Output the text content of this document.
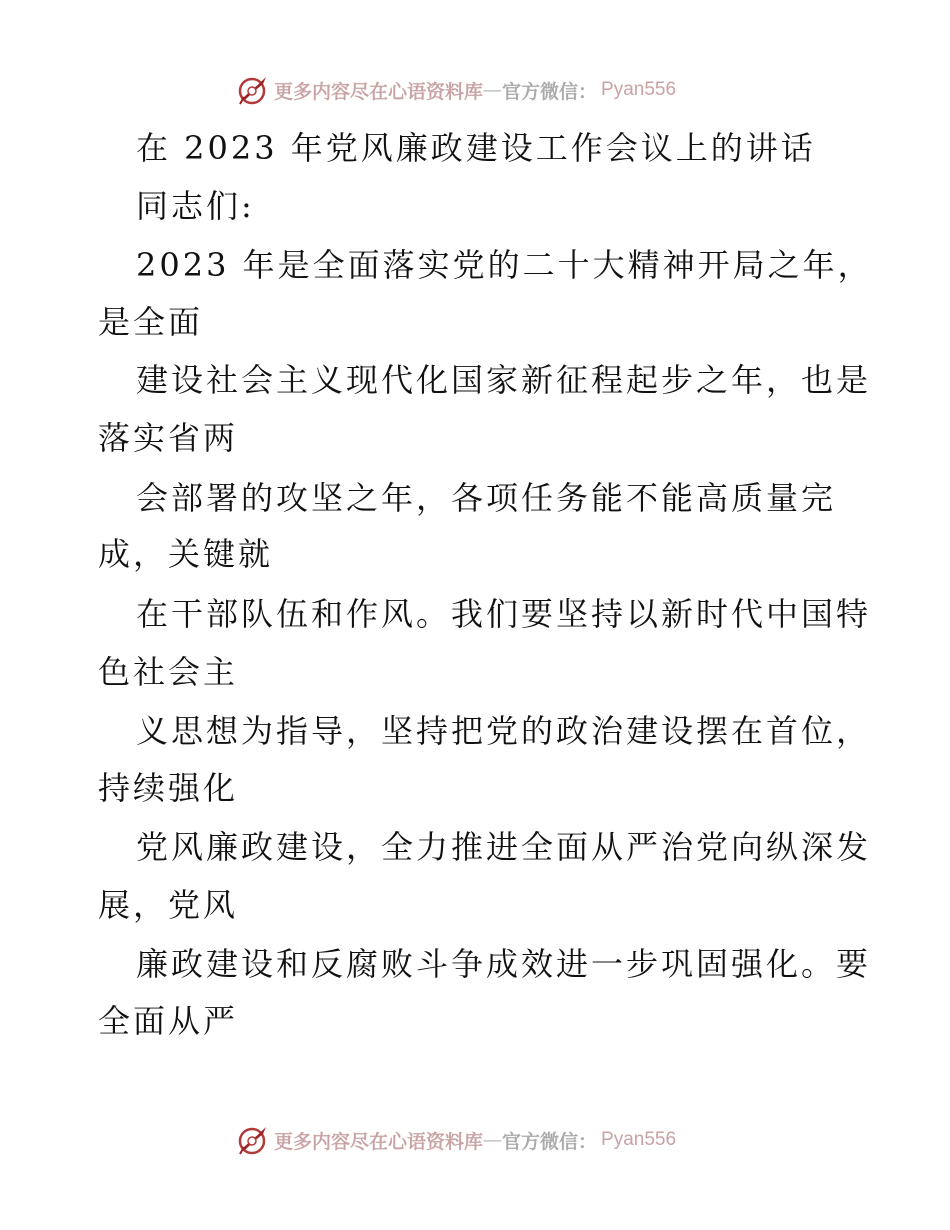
更多内容尽在心语资料库 — 官方微信： Pyan556
在 2023 年党风廉政建设工作会议上的讲话
同志们:
2023 年是全面落实党的二十大精神开局之年，
是全面
建设社会主义现代化国家新征程起步之年，也是
落实省两
会部署的攻坚之年，各项任务能不能高质量完
成，关键就
在干部队伍和作风。我们要坚持以新时代中国特
色社会主
义思想为指导，坚持把党的政治建设摆在首位，
持续强化
党风廉政建设，全力推进全面从严治党向纵深发
展，党风
廉政建设和反腐败斗争成效进一步巩固强化。要
全面从严
更多内容尽在心语资料库 — 官方微信： Pyan556
